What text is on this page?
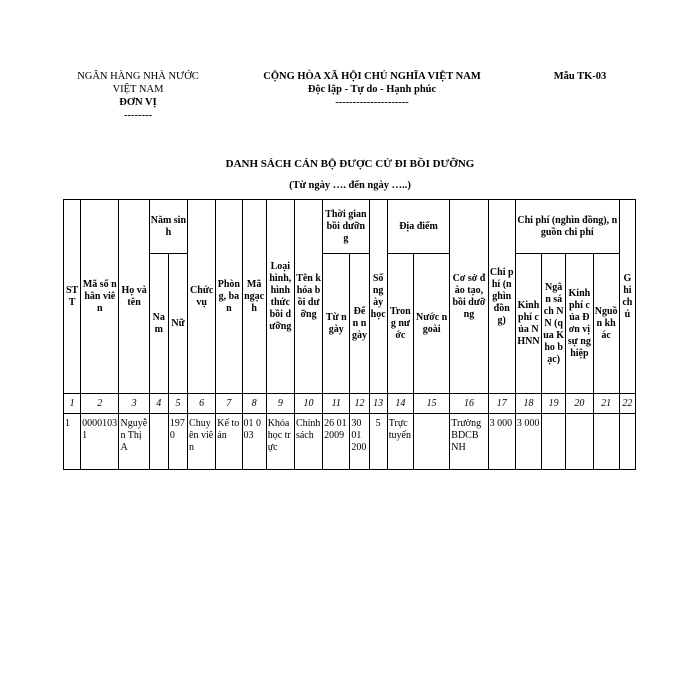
NGÂN HÀNG NHÀ NƯỚC
VIỆT NAM
ĐƠN VỊ
--------
CỘNG HÒA XÃ HỘI CHỦ NGHĨA VIỆT NAM
Độc lập - Tự do - Hạnh phúc
---------------------
Mẫu TK-03
DANH SÁCH CÁN BỘ ĐƯỢC CỬ ĐI BỒI DƯỠNG
(Từ ngày …. đến ngày …..)
STT	Mã số nhân viên	Họ và tên	Năm sinh		Chức vụ	Phòng, ban	Mã ngạch	Loại hình, hình thức bồi dưỡng	Tên khóa bồi dưỡng	Thời gian bồi dưỡng		Số ngày học	Địa điểm		Cơ sở đào tạo, bồi dưỡng	Chi phí (nghìn đồng)	Chi phí (nghìn đồng), nguồn chi phí				Ghi chú
			Nam	Nữ						Từ ngày	Đến ngày		Trong nước	Nước ngoài			Kinh phí của NHNN	Ngân sách NN (qua Kho bạc)	Kinh phí của Đơn vị sự nghiệp	Nguồn khác	
1	2	3	4	5	6	7	8	9	10	11	12	13	14	15	16	17	18	19	20	21	22
1	00001031	Nguyễn Thị A		1970	Chuyên viên	Kế toán	01 003	Khóa học trực	Chính sách	26 01 2009	30 01 200	5	Trực tuyến		Trường BDCB NH	3 000	3 000				
